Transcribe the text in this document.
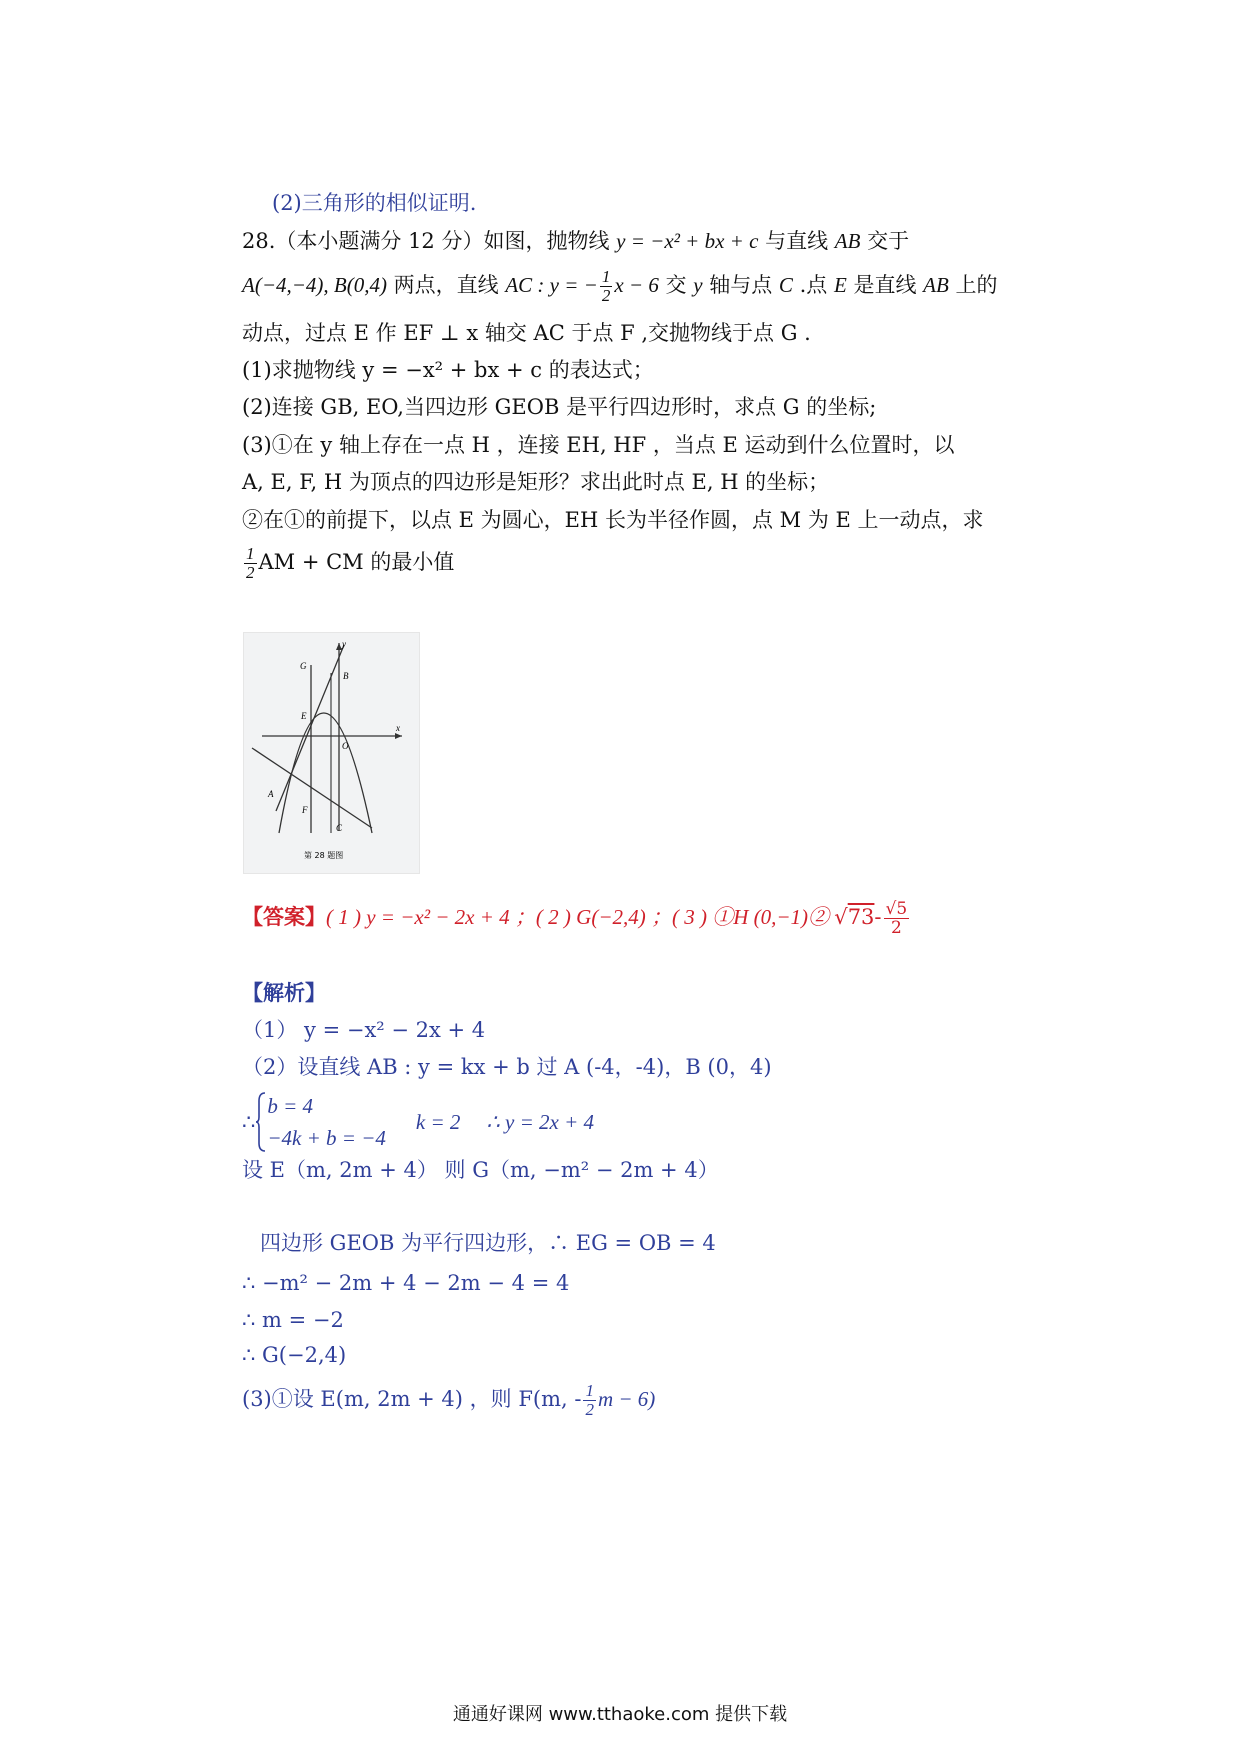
(2)三角形的相似证明.
28.（本小题满分 12 分）如图，抛物线 y = −x² + bx + c 与直线 AB 交于
A(−4,−4), B(0,4) 两点，直线 AC : y = − $\frac{1}{2}$ x − 6 交 y 轴与点 C .点 E 是直线 AB 上的
动点，过点 E 作 EF ⊥ x 轴交 AC 于点 F ,交抛物线于点 G .
(1)求抛物线 y = −x² + bx + c 的表达式；
(2)连接 GB, EO,当四边形 GEOB 是平行四边形时，求点 G 的坐标;
(3)①在 y 轴上存在一点 H ，连接 EH, HF ，当点 E 运动到什么位置时，以
A, E, F, H 为顶点的四边形是矩形？求出此时点 E, H 的坐标；
②在①的前提下，以点 E 为圆心，EH 长为半径作圆，点 M 为 E 上一动点，求
$\frac{1}{2}$ AM + CM 的最小值
y
x
G
B
E
O
A
F
C
第 28 题图
【答案】( 1 ) y = −x² − 2x + 4 ；( 2 ) G(−2,4) ；( 3 ) ①H (0,−1)② $√73- \frac{√5}{2}$
【解析】
（1） y = −x² − 2x + 4
（2）设直线 AB : y = kx + b 过 A (-4，-4)，B (0，4)
∴
b = 4
−4k + b = −4
k = 2 ∴ y = 2x + 4
设 E（m, 2m + 4） 则 G（m, −m² − 2m + 4）
四边形 GEOB 为平行四边形，∴ EG = OB = 4
∴ −m² − 2m + 4 − 2m − 4 = 4
∴ m = −2
∴ G(−2,4)
(3)①设 E(m, 2m + 4) ，则 F(m, - $\frac{1}{2}$ m − 6)
通通好课网 www.tthaoke.com 提供下载
